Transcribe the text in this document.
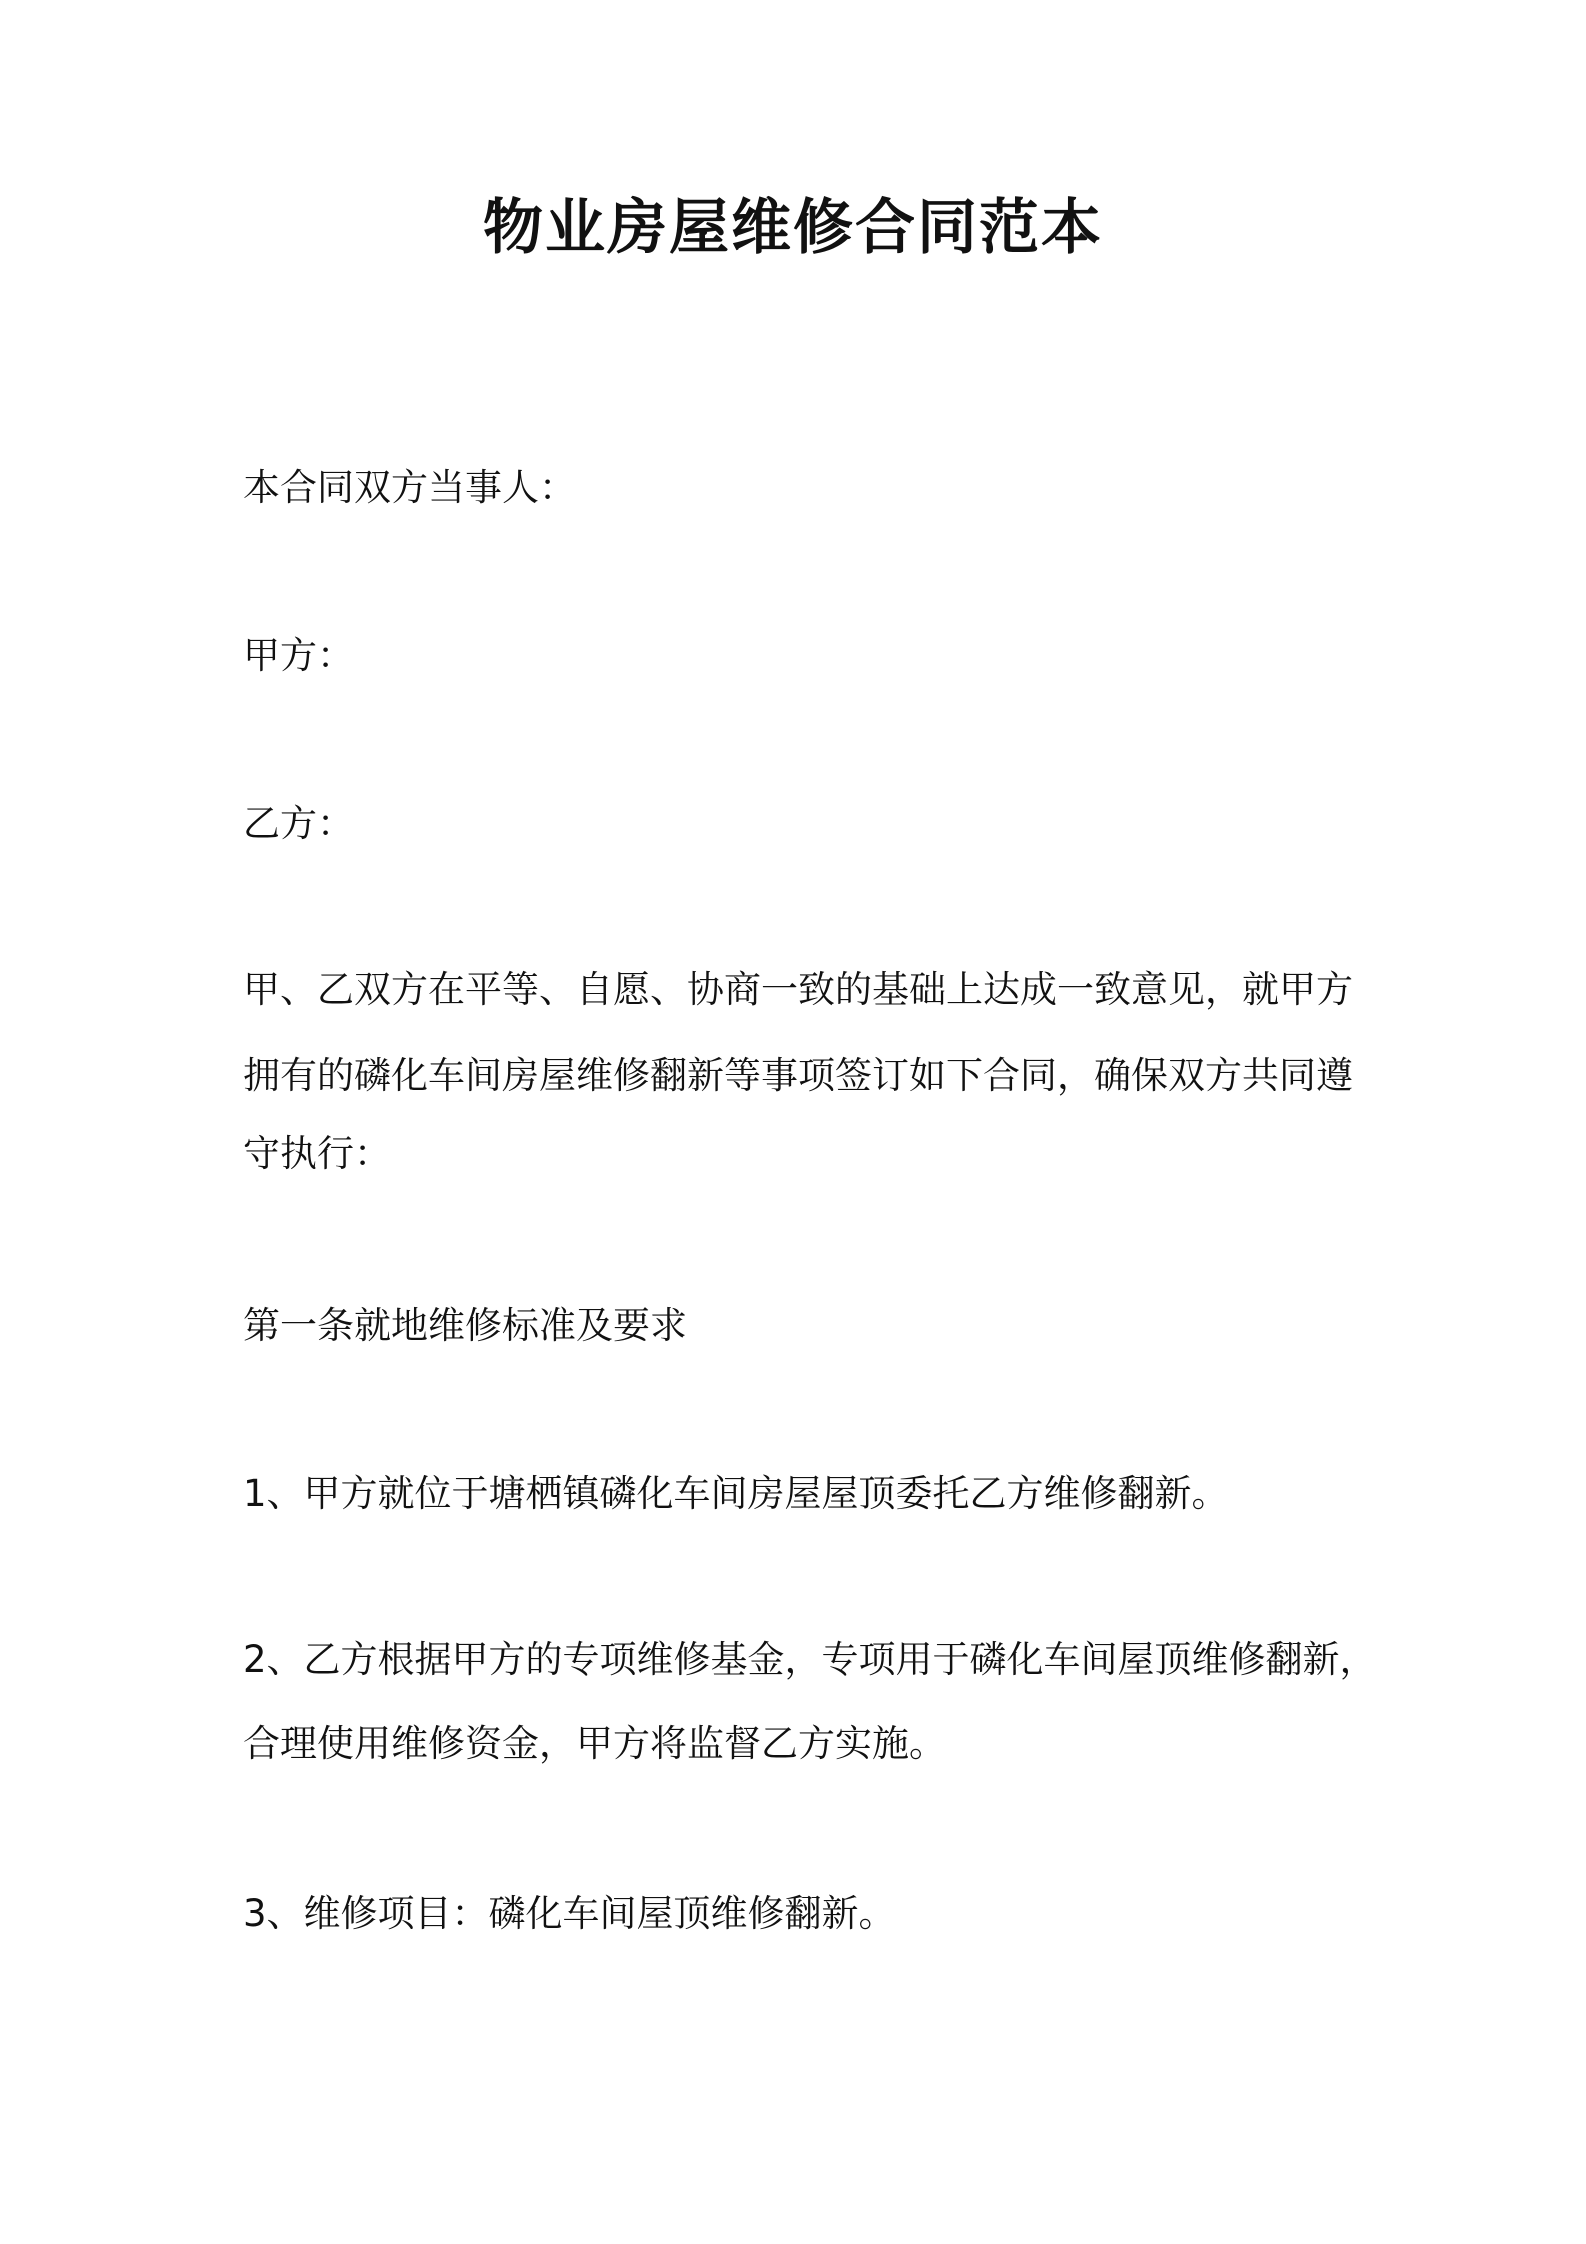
物业房屋维修合同范本

本合同双方当事人：

甲方：

乙方：

甲、乙双方在平等、自愿、协商一致的基础上达成一致意见，就甲方

拥有的磷化车间房屋维修翻新等事项签订如下合同，确保双方共同遵

守执行：

第一条就地维修标准及要求

1、甲方就位于塘栖镇磷化车间房屋屋顶委托乙方维修翻新。

2、乙方根据甲方的专项维修基金，专项用于磷化车间屋顶维修翻新，

合理使用维修资金，甲方将监督乙方实施。

3、维修项目：磷化车间屋顶维修翻新。
